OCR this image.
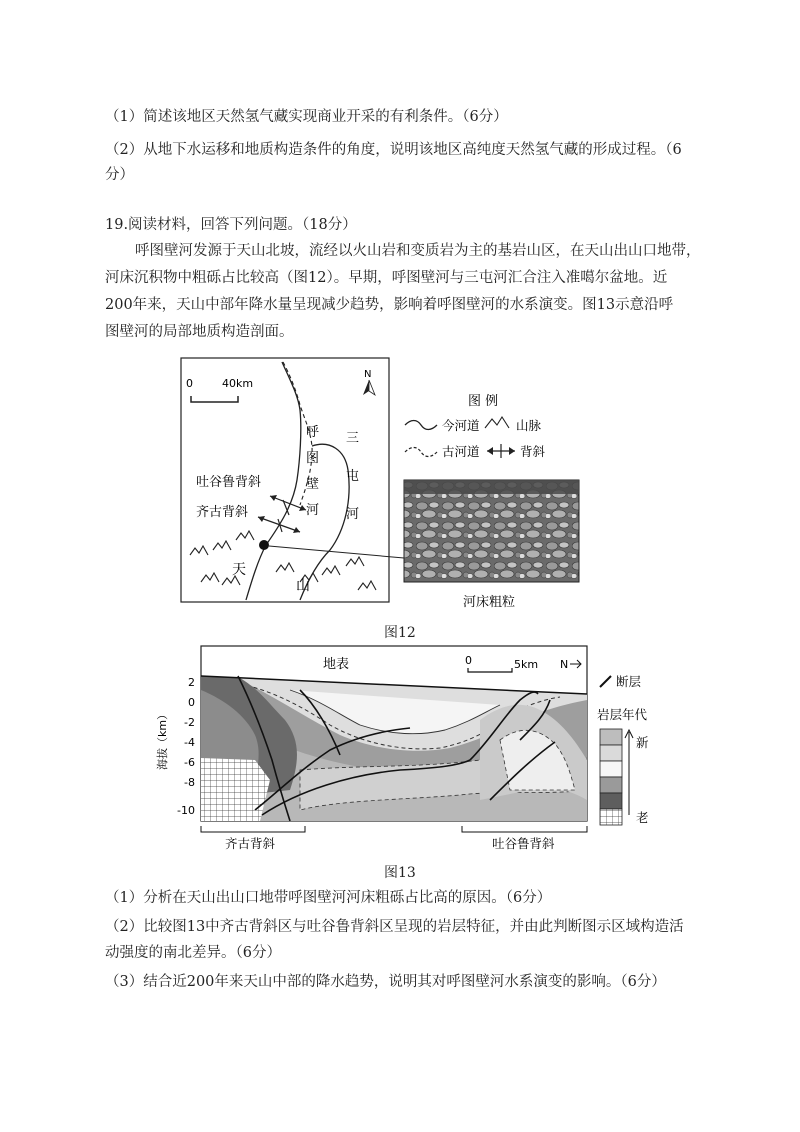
（1）简述该地区天然氢气藏实现商业开采的有利条件。（6分）
（2）从地下水运移和地质构造条件的角度，说明该地区高纯度天然氢气藏的形成过程。（6
分）
19.阅读材料，回答下列问题。（18分）
呼图壁河发源于天山北坡，流经以火山岩和变质岩为主的基岩山区，在天山出山口地带，
河床沉积物中粗砾占比较高（图12）。早期，呼图壁河与三屯河汇合注入准噶尔盆地。近
200年来，天山中部年降水量呈现减少趋势，影响着呼图壁河的水系演变。图13示意沿呼
图壁河的局部地质构造剖面。
0	40km
N
呼
图
壁
河
三
屯
河
吐谷鲁背斜
齐古背斜
天
山
图 例
今河道	山脉
古河道	背斜
河床粗粒
图12
地表	0	5km N
2
0
-2
-4
-6
-8
-10
海拔（km）
齐古背斜	吐谷鲁背斜
断层
岩层年代
新
老
图13
（1）分析在天山出山口地带呼图壁河河床粗砾占比高的原因。（6分）
（2）比较图13中齐古背斜区与吐谷鲁背斜区呈现的岩层特征，并由此判断图示区域构造活
动强度的南北差异。（6分）
（3）结合近200年来天山中部的降水趋势，说明其对呼图壁河水系演变的影响。（6分）
